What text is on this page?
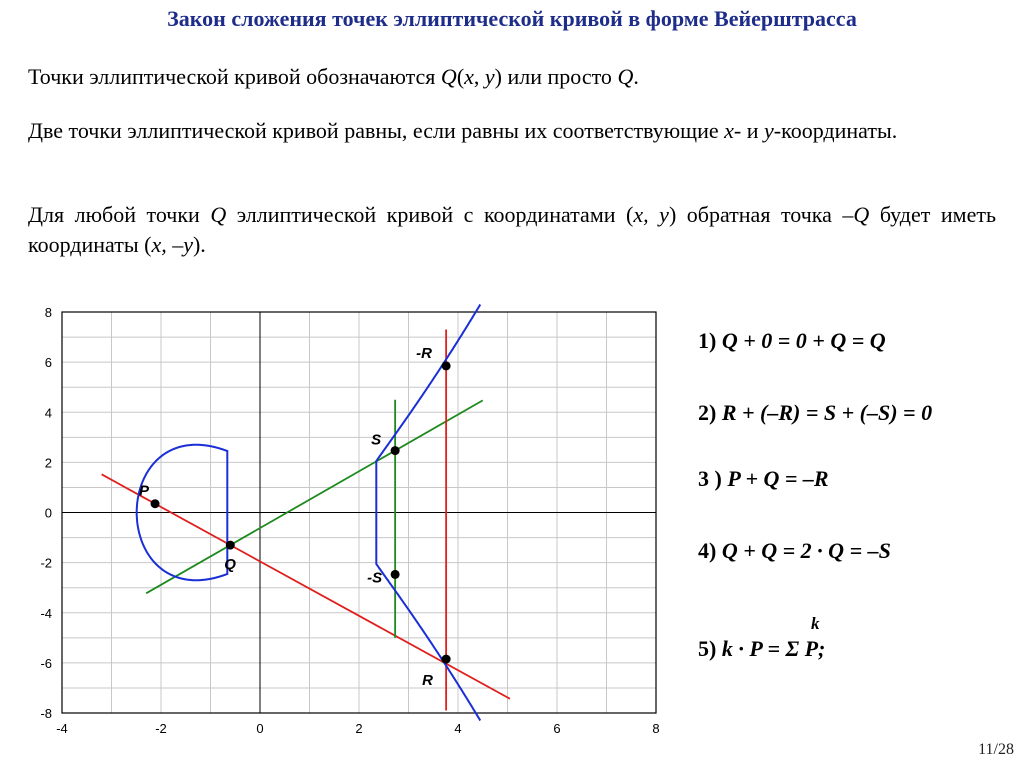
Закон сложения точек эллиптической кривой в форме Вейерштрасса
Точки эллиптической кривой обозначаются Q(x, y) или просто Q.
Две точки эллиптической кривой равны, если равны их соответствующие x- и y-координаты.
Для любой точки Q эллиптической кривой с координатами (x, y) обратная точка –Q будет иметь координаты (x, –y).
-4	-2	0	2	4	6	8
8
6
4
2
0
-2
-4
-6
-8
P
Q
S
-S
-R
R
1) Q + 0 = 0 + Q = Q
2) R + (–R) = S + (–S) = 0
3 ) P + Q = –R
4) Q + Q = 2 · Q = –S
5) k · P = Σ P;
k
11/28
